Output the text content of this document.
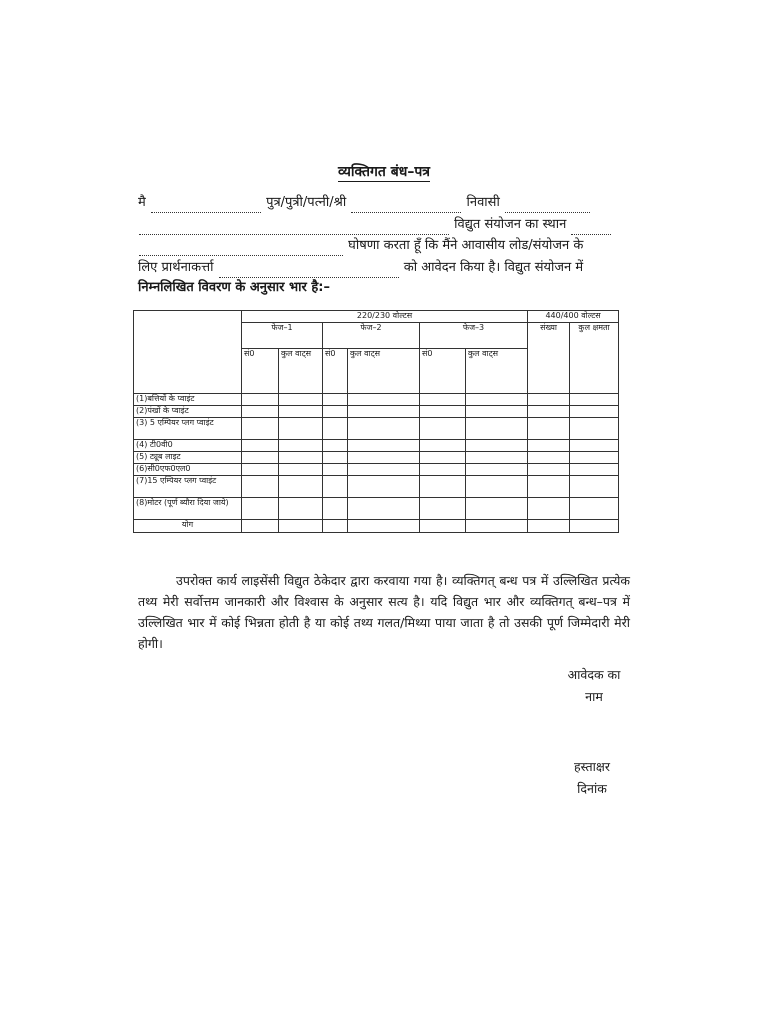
व्यक्तिगत बंध–पत्र
मै	पुत्र/पुत्री/पत्नी/श्री	निवासी
विद्युत संयोजन का स्थान
घोषणा करता हूँ कि मैंने आवासीय लोड/संयोजन के
लिए प्रार्थनाकर्त्ता	को आवेदन किया है। विद्युत संयोजन में
निम्नलिखित विवरण के अनुसार भार है:–
	220/230 वोल्टस						440/400 वोल्टस	
	फेज–1		फेज–2		फेज–3		संख्या	कुल क्षमता
	सं0	कुल वाट्स	सं0	कुल वाट्स	सं0	कुल वाट्स		
(1)बत्तियों के प्वाइंट								
(2)पंखों के प्वाइंट								
(3) 5 एम्पियर प्लग प्वाइंट								
(4) टी0वी0								
(5) ट्यूब लाइट								
(6)सी0एफ0एल0								
(7)15 एम्पियर प्लग प्वाइंट								
(8)मोटर (पूर्ण ब्यौरा दिया जाये)								
योग								
उपरोक्त कार्य लाइसेंसी विद्युत ठेकेदार द्वारा करवाया गया है। व्यक्तिगत् बन्ध पत्र में उल्लिखित प्रत्येक तथ्य मेरी सर्वोत्तम जानकारी और विश्वास के अनुसार सत्य है। यदि विद्युत भार और व्यक्तिगत् बन्ध–पत्र में उल्लिखित भार में कोई भिन्नता होती है या कोई तथ्य गलत/मिथ्या पाया जाता है तो उसकी पूर्ण जिम्मेदारी मेरी होगी।
आवेदक का
नाम
हस्ताक्षर
दिनांक
